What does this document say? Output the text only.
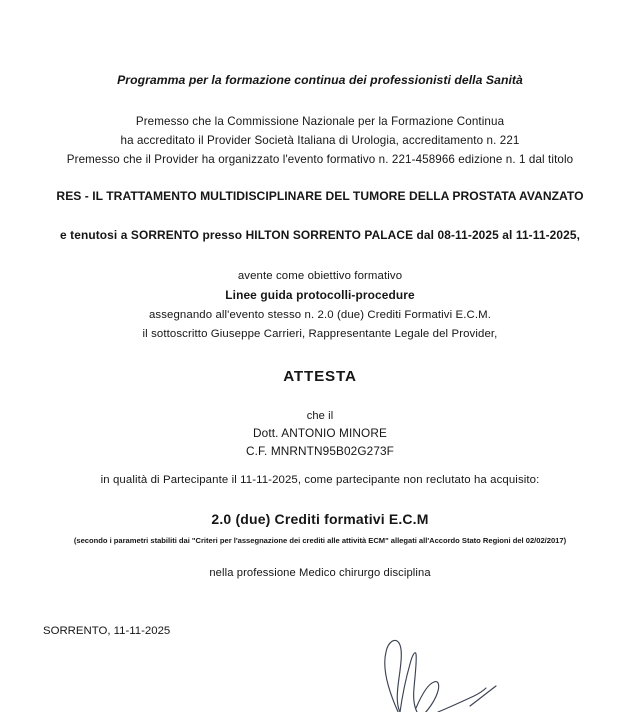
Programma per la formazione continua dei professionisti della Sanità
Premesso che la Commissione Nazionale per la Formazione Continua
ha accreditato il Provider Società Italiana di Urologia, accreditamento n. 221
Premesso che il Provider ha organizzato l'evento formativo n. 221-458966 edizione n. 1 dal titolo
RES - IL TRATTAMENTO MULTIDISCIPLINARE DEL TUMORE DELLA PROSTATA AVANZATO
e tenutosi a SORRENTO presso HILTON SORRENTO PALACE dal 08-11-2025 al 11-11-2025,
avente come obiettivo formativo
Linee guida protocolli-procedure
assegnando all'evento stesso n. 2.0 (due) Crediti Formativi E.C.M.
il sottoscritto Giuseppe Carrieri, Rappresentante Legale del Provider,
ATTESTA
che il
Dott. ANTONIO MINORE
C.F. MNRNTN95B02G273F
in qualità di Partecipante il 11-11-2025, come partecipante non reclutato ha acquisito:
2.0 (due) Crediti formativi E.C.M
(secondo i parametri stabiliti dai "Criteri per l'assegnazione dei crediti alle attività ECM" allegati all'Accordo Stato Regioni del 02/02/2017)
nella professione Medico chirurgo disciplina
SORRENTO, 11-11-2025
